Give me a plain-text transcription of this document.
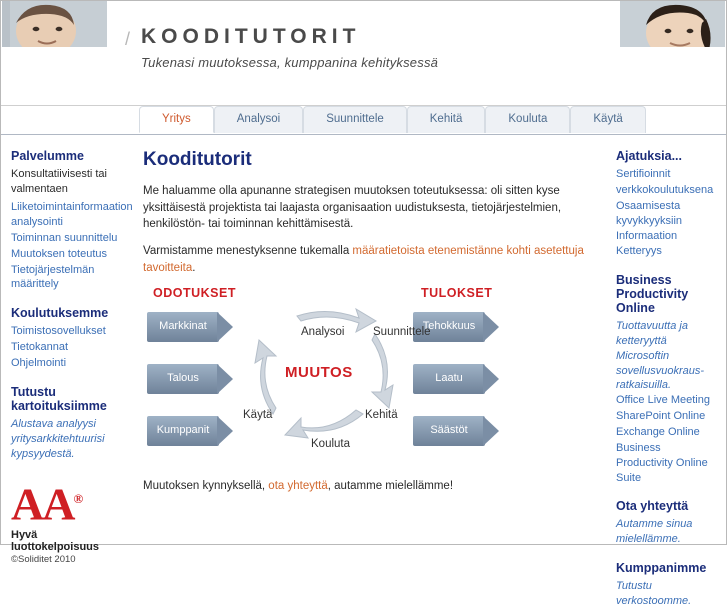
/ KOODITUTORIT
Tukenasi muutoksessa, kumppanina kehityksessä
Yritys	Analysoi	Suunnittele	Kehitä	Kouluta	Käytä
Palvelumme
Konsultatiivisesti tai valmentaen
Liiketoimintainformaation analysointi
Toiminnan suunnittelu
Muutoksen toteutus
Tietojärjestelmän määrittely
Koulutuksemme
Toimistosovellukset
Tietokannat
Ohjelmointi
Tutustu kartoituksiimme
Alustava analyysi yritysarkkitehtuurisi kypsyydestä.
AA®
Hyvä luottokelpoisuus
©Soliditet 2010
Kooditutorit

Me haluamme olla apunanne strategisen muutoksen toteutuksessa: oli sitten kyse yksittäisestä projektista tai laajasta organisaation uudistuksesta, tietojärjestelmien, henkilöstön- tai toiminnan kehittämisestä.

Varmistamme menestyksenne tukemalla määratietoista etenemistänne kohti asetettuja tavoitteita.

ODOTUKSET	TULOKSET
Markkinat
Talous
Kumppanit
Tehokkuus
Laatu
Säästöt
Analysoi Suunnittele
Kehitä
Kouluta
Käytä
MUUTOS

Muutoksen kynnyksellä, ota yhteyttä, autamme mielellämme!

Ajatuksia...
Sertifioinnit
verkkokoulutuksena
Osaamisesta kyvykkyyksiin
Informaation Ketteryys
Business Productivity Online
Tuottavuutta ja ketteryyttä Microsoftin sovellusvuokraus-ratkaisuilla.
Office Live Meeting
SharePoint Online
Exchange Online
Business Productivity Online Suite
Ota yhteyttä
Autamme sinua mielellämme.
Kumppanimme
Tutustu verkostoomme.
